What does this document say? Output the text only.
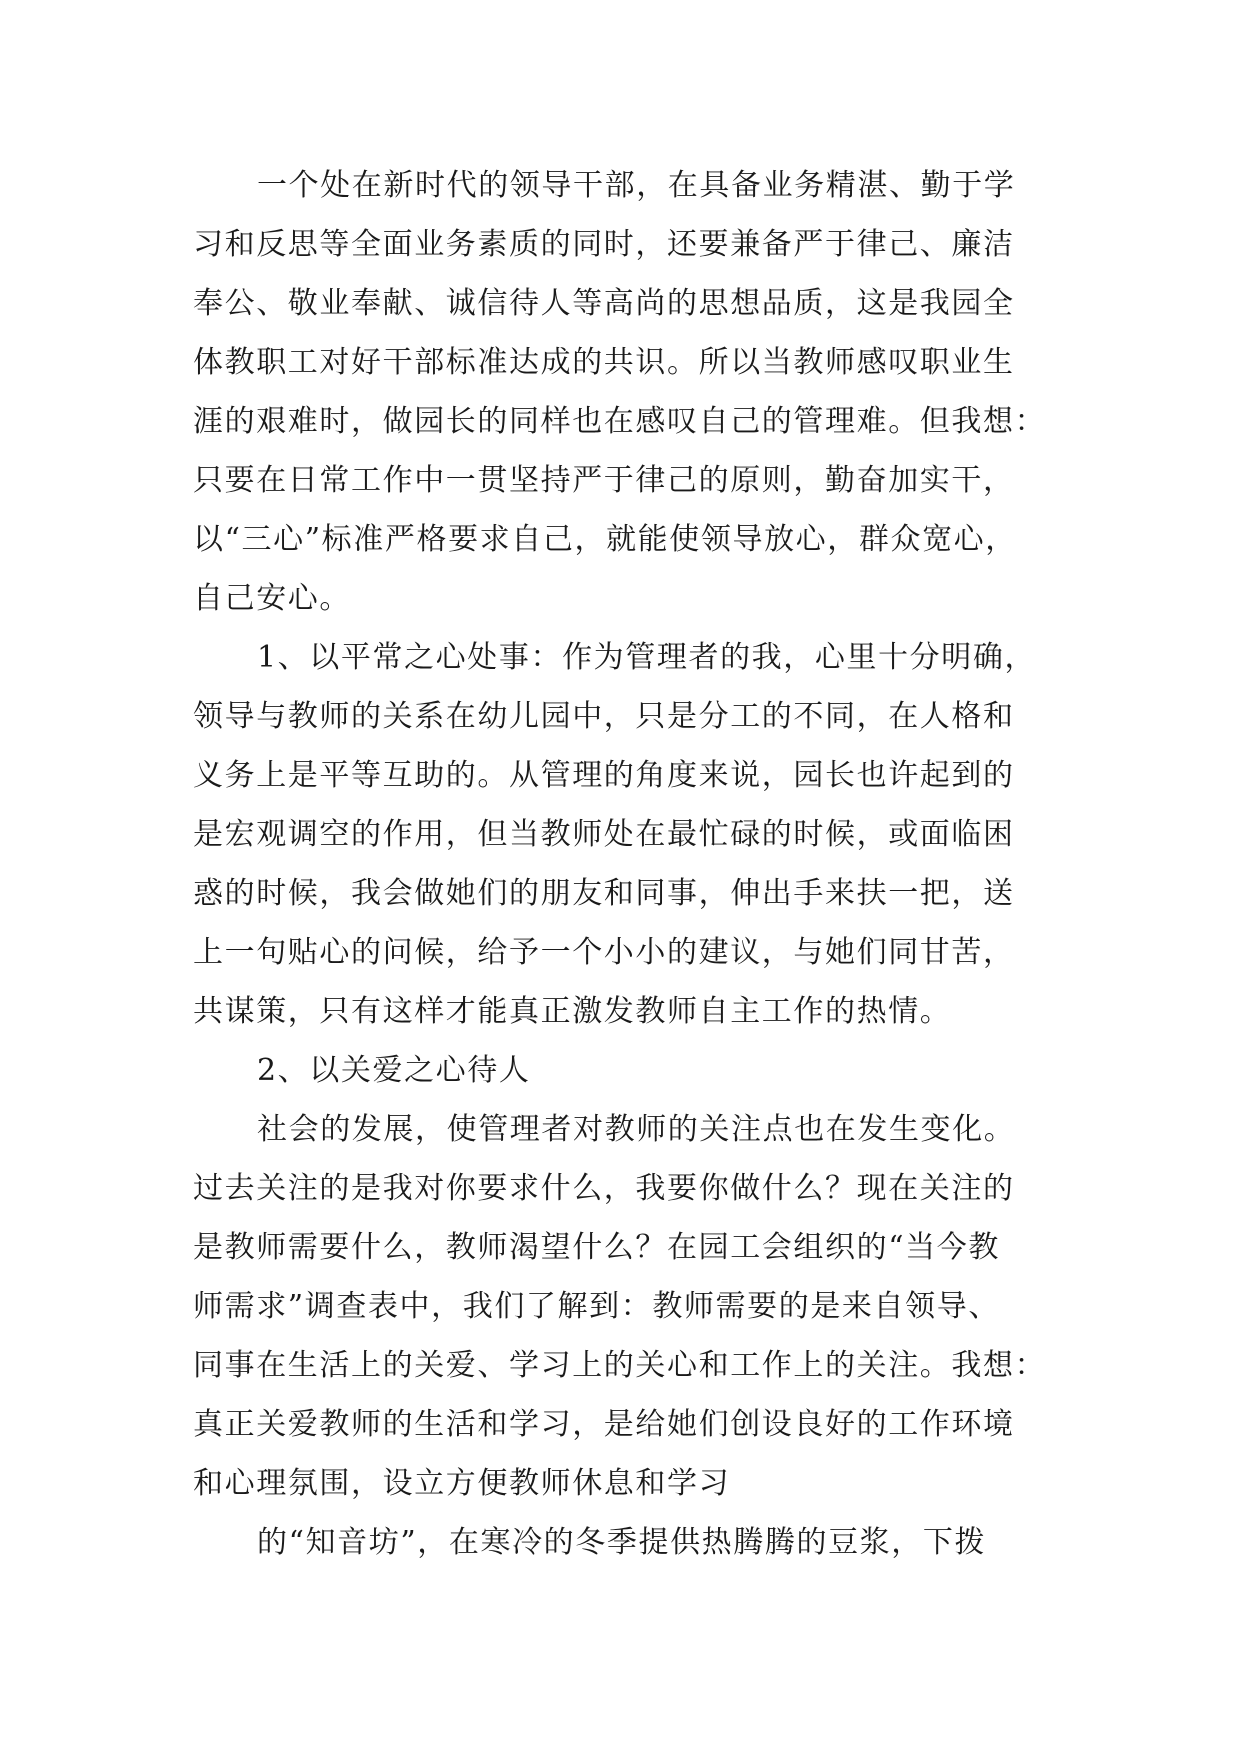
一个处在新时代的领导干部，在具备业务精湛、勤于学
习和反思等全面业务素质的同时，还要兼备严于律己、廉洁
奉公、敬业奉献、诚信待人等高尚的思想品质，这是我园全
体教职工对好干部标准达成的共识。所以当教师感叹职业生
涯的艰难时，做园长的同样也在感叹自己的管理难。但我想：
只要在日常工作中一贯坚持严于律己的原则，勤奋加实干，
以“三心”标准严格要求自己，就能使领导放心，群众宽心，
自己安心。
1、以平常之心处事：作为管理者的我，心里十分明确，
领导与教师的关系在幼儿园中，只是分工的不同，在人格和
义务上是平等互助的。从管理的角度来说，园长也许起到的
是宏观调空的作用，但当教师处在最忙碌的时候，或面临困
惑的时候，我会做她们的朋友和同事，伸出手来扶一把，送
上一句贴心的问候，给予一个小小的建议，与她们同甘苦，
共谋策，只有这样才能真正激发教师自主工作的热情。
2、以关爱之心待人
社会的发展，使管理者对教师的关注点也在发生变化。
过去关注的是我对你要求什么，我要你做什么？现在关注的
是教师需要什么，教师渴望什么？在园工会组织的“当今教
师需求”调查表中，我们了解到：教师需要的是来自领导、
同事在生活上的关爱、学习上的关心和工作上的关注。我想：
真正关爱教师的生活和学习，是给她们创设良好的工作环境
和心理氛围，设立方便教师休息和学习
的“知音坊”，在寒冷的冬季提供热腾腾的豆浆，下拨
